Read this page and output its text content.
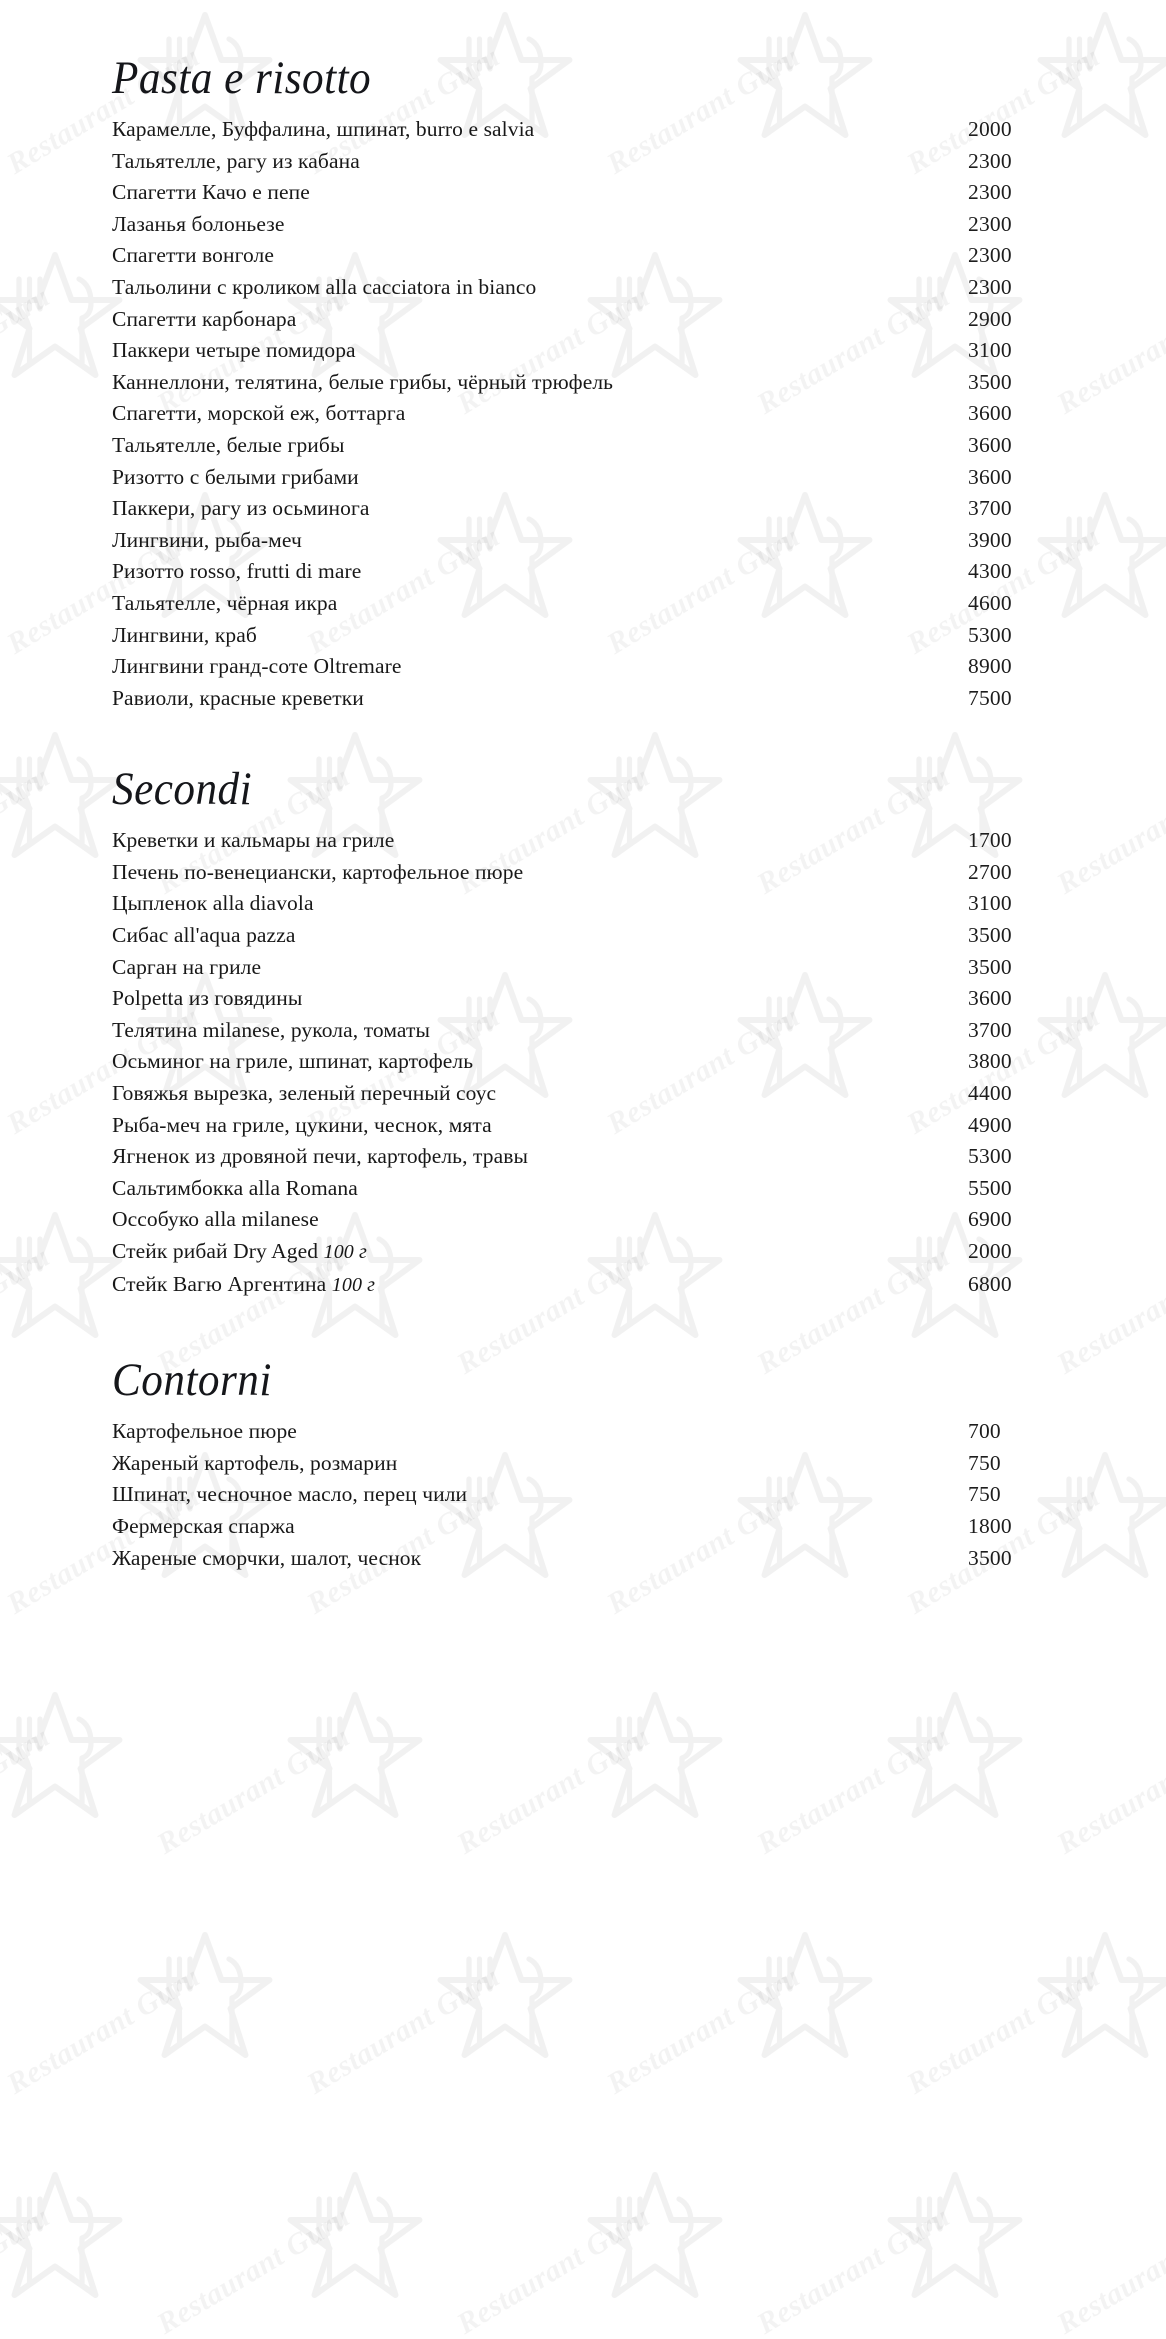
Pasta e risotto
Карамелле, Буффалина, шпинат, burro e salvia	2000
Тальятелле, рагу из кабана	2300
Спагетти Качо е пепе	2300
Лазанья болоньезе	2300
Спагетти вонголе	2300
Тальолини с кроликом alla cacciatora in bianco	2300
Спагетти карбонара	2900
Паккери четыре помидора	3100
Каннеллони, телятина, белые грибы, чёрный трюфель	3500
Спагетти, морской еж, боттарга	3600
Тальятелле, белые грибы	3600
Ризотто с белыми грибами	3600
Паккери, рагу из осьминога	3700
Лингвини, рыба-меч	3900
Ризотто rosso, frutti di mare	4300
Тальятелле, чёрная икра	4600
Лингвини, краб	5300
Лингвини гранд-соте Oltremare	8900
Равиоли, красные креветки	7500
Secondi
Креветки и кальмары на гриле	1700
Печень по-венециански, картофельное пюре	2700
Цыпленок alla diavola	3100
Сибас all'aqua pazza	3500
Сарган на гриле	3500
Polpetta из говядины	3600
Телятина milanese, рукола, томаты	3700
Осьминог на гриле, шпинат, картофель	3800
Говяжья вырезка, зеленый перечный соус	4400
Рыба-меч на гриле, цукини, чеснок, мята	4900
Ягненок из дровяной печи, картофель, травы	5300
Сальтимбокка alla Romana	5500
Оссобуко alla milanese	6900
Стейк рибай Dry Aged 100 г	2000
Стейк Вагю Аргентина 100 г	6800
Contorni
Картофельное пюре	700
Жареный картофель, розмарин	750
Шпинат, чесночное масло, перец чили	750
Фермерская спаржа	1800
Жареные сморчки, шалот, чеснок	3500
